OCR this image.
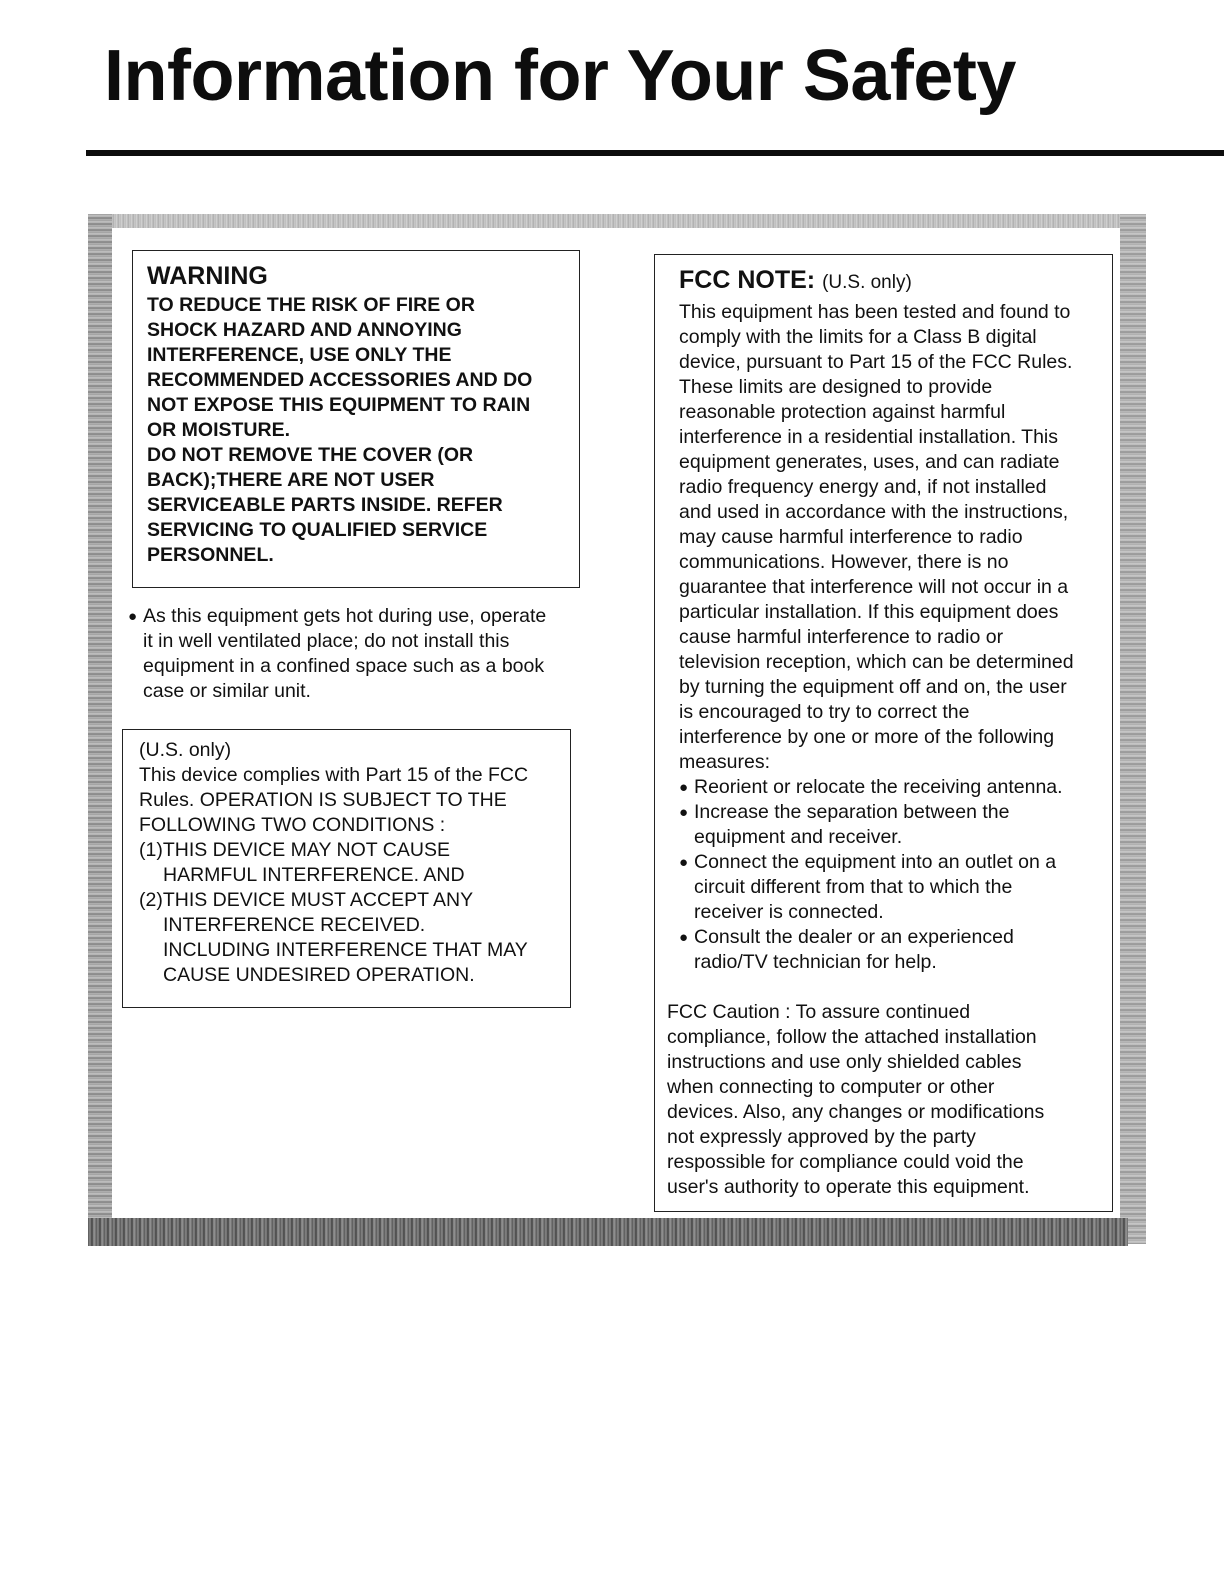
Information for Your Safety
WARNING
TO REDUCE THE RISK OF FIRE OR
SHOCK HAZARD AND ANNOYING
INTERFERENCE, USE ONLY THE
RECOMMENDED ACCESSORIES AND DO
NOT EXPOSE THIS EQUIPMENT TO RAIN
OR MOISTURE.
DO NOT REMOVE THE COVER (OR
BACK);THERE ARE NOT USER
SERVICEABLE PARTS INSIDE. REFER
SERVICING TO QUALIFIED SERVICE
PERSONNEL.
● As this equipment gets hot during use, operate
it in well ventilated place; do not install this
equipment in a confined space such as a book
case or similar unit.
(U.S. only)
This device complies with Part 15 of the FCC
Rules. OPERATION IS SUBJECT TO THE
FOLLOWING TWO CONDITIONS :
(1)THIS DEVICE MAY NOT CAUSE
HARMFUL INTERFERENCE. AND
(2)THIS DEVICE MUST ACCEPT ANY
INTERFERENCE RECEIVED.
INCLUDING INTERFERENCE THAT MAY
CAUSE UNDESIRED OPERATION.
FCC NOTE: (U.S. only)
This equipment has been tested and found to
comply with the limits for a Class B digital
device, pursuant to Part 15 of the FCC Rules.
These limits are designed to provide
reasonable protection against harmful
interference in a residential installation. This
equipment generates, uses, and can radiate
radio frequency energy and, if not installed
and used in accordance with the instructions,
may cause harmful interference to radio
communications. However, there is no
guarantee that interference will not occur in a
particular installation. If this equipment does
cause harmful interference to radio or
television reception, which can be determined
by turning the equipment off and on, the user
is encouraged to try to correct the
interference by one or more of the following
measures:
● Reorient or relocate the receiving antenna.
● Increase the separation between the
equipment and receiver.
● Connect the equipment into an outlet on a
circuit different from that to which the
receiver is connected.
● Consult the dealer or an experienced
radio/TV technician for help.
FCC Caution : To assure continued
compliance, follow the attached installation
instructions and use only shielded cables
when connecting to computer or other
devices. Also, any changes or modifications
not expressly approved by the party
respossible for compliance could void the
user's authority to operate this equipment.
